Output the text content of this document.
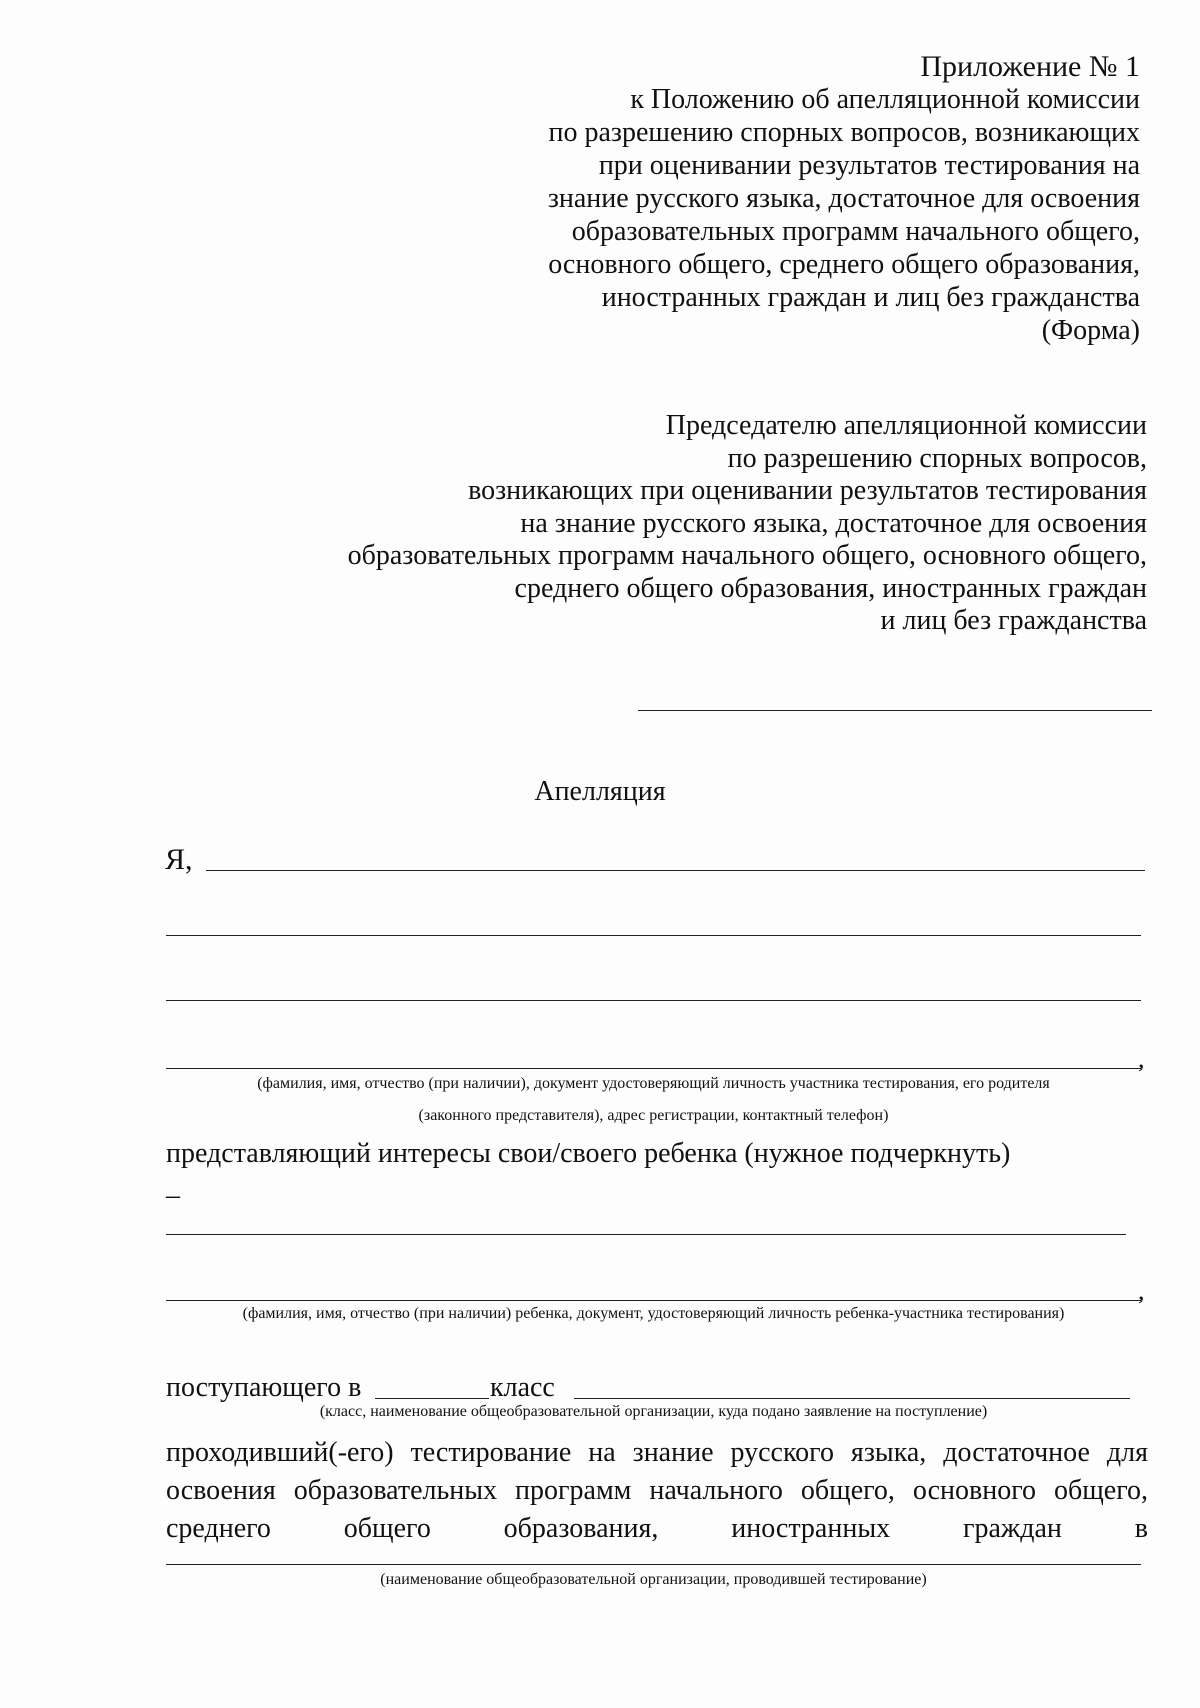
Приложение № 1
к Положению об апелляционной комиссии
по разрешению спорных вопросов, возникающих
при оценивании результатов тестирования на
знание русского языка, достаточное для освоения
образовательных программ начального общего,
основного общего, среднего общего образования,
иностранных граждан и лиц без гражданства
(Форма)
Председателю апелляционной комиссии
по разрешению спорных вопросов,
возникающих при оценивании результатов тестирования
на знание русского языка, достаточное для освоения
образовательных программ начального общего, основного общего,
среднего общего образования, иностранных граждан
и лиц без гражданства
Апелляция
Я,
,
(фамилия, имя, отчество (при наличии), документ удостоверяющий личность участника тестирования, его родителя
(законного представителя), адрес регистрации, контактный телефон)
представляющий интересы свои/своего ребенка (нужное подчеркнуть)
–
,
(фамилия, имя, отчество (при наличии) ребенка, документ, удостоверяющий личность ребенка-участника тестирования)
поступающего в	класс
(класс, наименование общеобразовательной организации, куда подано заявление на поступление)
проходивший(-его) тестирование на знание русского языка, достаточное для
освоения образовательных программ начального общего, основного общего,
среднего общего образования, иностранных граждан в
(наименование общеобразовательной организации, проводившей тестирование)
